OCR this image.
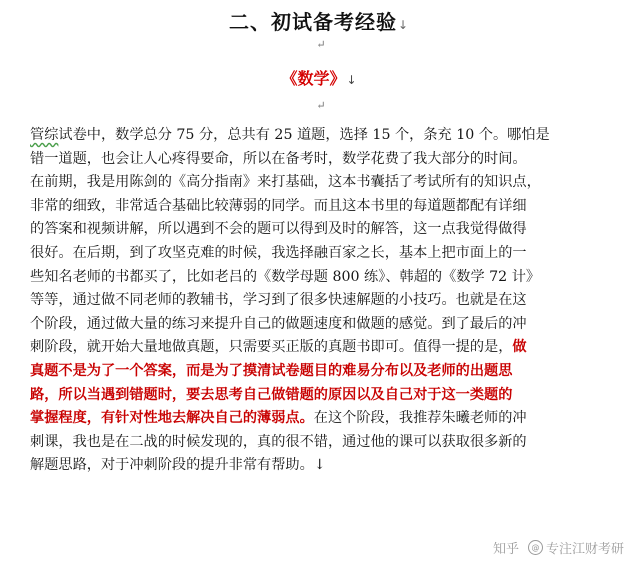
二、初试备考经验↓
↵
《数学》↓
↵
管综试卷中，数学总分 75 分，总共有 25 道题，选择 15 个，条充 10 个。哪怕是
错一道题，也会让人心疼得要命，所以在备考时，数学花费了我大部分的时间。
在前期，我是用陈剑的《高分指南》来打基础，这本书囊括了考试所有的知识点，
非常的细致，非常适合基础比较薄弱的同学。而且这本书里的每道题都配有详细
的答案和视频讲解，所以遇到不会的题可以得到及时的解答，这一点我觉得做得
很好。在后期，到了攻坚克难的时候，我选择融百家之长，基本上把市面上的一
些知名老师的书都买了，比如老吕的《数学母题 800 练》、韩超的《数学 72 计》
等等，通过做不同老师的教辅书，学习到了很多快速解题的小技巧。也就是在这
个阶段，通过做大量的练习来提升自己的做题速度和做题的感觉。到了最后的冲
刺阶段，就开始大量地做真题，只需要买正版的真题书即可。值得一提的是，做
真题不是为了一个答案，而是为了摸清试卷题目的难易分布以及老师的出题思
路，所以当遇到错题时，要去思考自己做错题的原因以及自己对于这一类题的
掌握程度，有针对性地去解决自己的薄弱点。在这个阶段，我推荐朱曦老师的冲
刺课，我也是在二战的时候发现的，真的很不错，通过他的课可以获取很多新的
解题思路，对于冲刺阶段的提升非常有帮助。↓
知乎	@ 专注江财考研
